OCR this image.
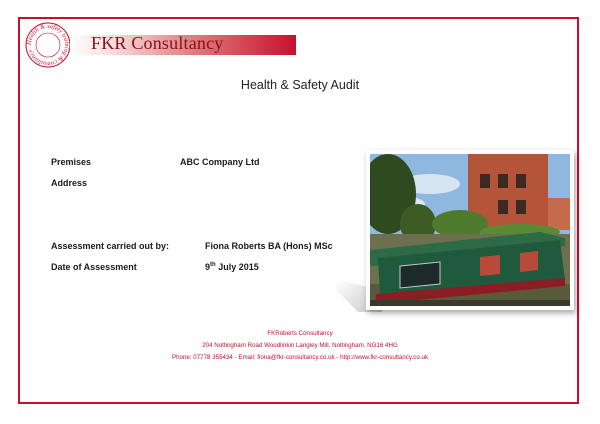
Health & safety training & consultancy	FKR Consultancy
Health & Safety Audit
Premises	ABC Company Ltd
Address
Assessment carried out by:	Fiona Roberts BA (Hons) MSc
Date of Assessment	9th July 2015
FKRoberts Consultancy
204 Nottingham Road Woodlinkin Langley Mill, Nottingham. NG16 4HG
Phone: 07778 355434 - Email: fiona@fkr-consultancy.co.uk - http://www.fkr-consultancy.co.uk
